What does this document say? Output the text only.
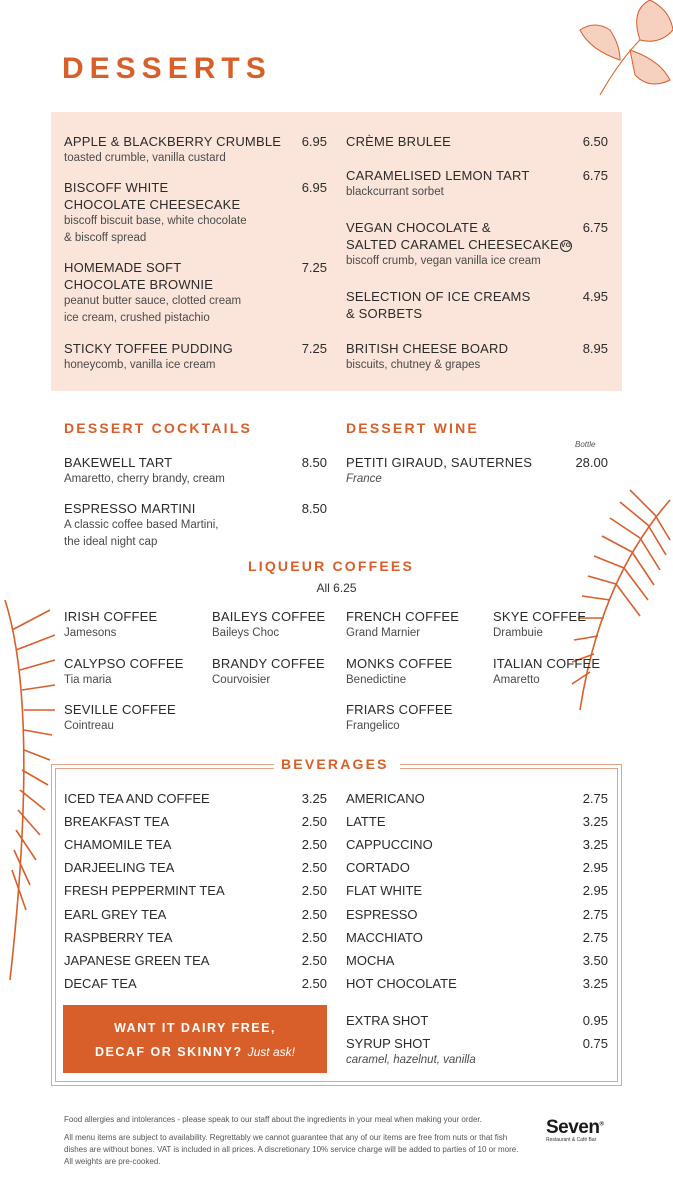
DESSERTS
APPLE & BLACKBERRY CRUMBLE
toasted crumble, vanilla custard
6.95
BISCOFF WHITE
CHOCOLATE CHEESECAKE
biscoff biscuit base, white chocolate
& biscoff spread
6.95
HOMEMADE SOFT
CHOCOLATE BROWNIE
peanut butter sauce, clotted cream
ice cream, crushed pistachio
7.25
STICKY TOFFEE PUDDING
honeycomb, vanilla ice cream
7.25
CRÈME BRULEE	6.50
CARAMELISED LEMON TART
blackcurrant sorbet
6.75
VEGAN CHOCOLATE &
SALTED CARAMEL CHEESECAKE VG
biscoff crumb, vegan vanilla ice cream
6.75
SELECTION OF ICE CREAMS
& SORBETS
4.95
BRITISH CHEESE BOARD
biscuits, chutney & grapes
8.95
DESSERT COCKTAILS
BAKEWELL TART
Amaretto, cherry brandy, cream
8.50
ESPRESSO MARTINI
A classic coffee based Martini,
the ideal night cap
8.50
DESSERT WINE
Bottle
PETITI GIRAUD, SAUTERNES
France
28.00
LIQUEUR COFFEES
All 6.25
IRISH COFFEE
Jamesons
BAILEYS COFFEE
Baileys Choc
FRENCH COFFEE
Grand Marnier
SKYE COFFEE
Drambuie
CALYPSO COFFEE
Tia maria
BRANDY COFFEE
Courvoisier
MONKS COFFEE
Benedictine
ITALIAN COFFEE
Amaretto
SEVILLE COFFEE
Cointreau
FRIARS COFFEE
Frangelico
BEVERAGES
ICED TEA AND COFFEE	3.25
BREAKFAST TEA	2.50
CHAMOMILE TEA	2.50
DARJEELING TEA	2.50
FRESH PEPPERMINT TEA	2.50
EARL GREY TEA	2.50
RASPBERRY TEA	2.50
JAPANESE GREEN TEA	2.50
DECAF TEA	2.50
AMERICANO	2.75
LATTE	3.25
CAPPUCCINO	3.25
CORTADO	2.95
FLAT WHITE	2.95
ESPRESSO	2.75
MACCHIATO	2.75
MOCHA	3.50
HOT CHOCOLATE	3.25
EXTRA SHOT	0.95
SYRUP SHOT	0.75
caramel, hazelnut, vanilla
WANT IT DAIRY FREE,
DECAF OR SKINNY? Just ask!
Food allergies and intolerances - please speak to our staff about the ingredients in your meal when making your order.
All menu items are subject to availability. Regrettably we cannot guarantee that any of our items are free from nuts or that fish
dishes are without bones. VAT is included in all prices. A discretionary 10% service charge will be added to parties of 10 or more.
All weights are pre-cooked.
Seven®
Restaurant & Café Bar
